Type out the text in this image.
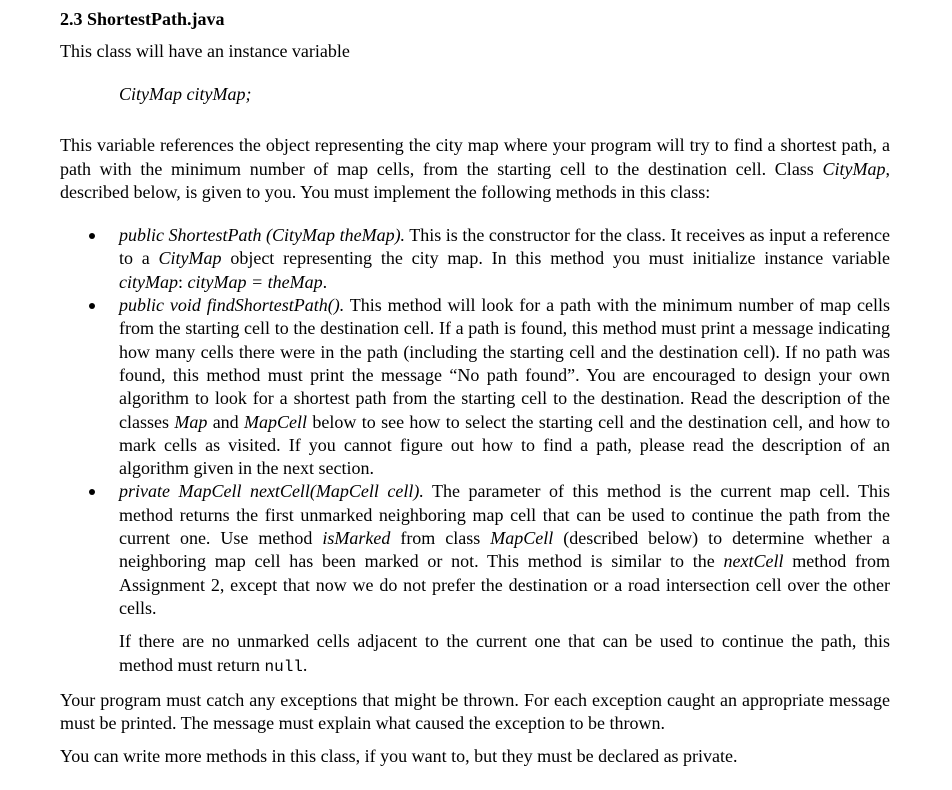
2.3 ShortestPath.java

This class will have an instance variable

CityMap cityMap;

This variable references the object representing the city map where your program will try to find a shortest path, a path with the minimum number of map cells, from the starting cell to the destination cell. Class CityMap, described below, is given to you. You must implement the following methods in this class:

public ShortestPath (CityMap theMap). This is the constructor for the class. It receives as input a reference to a CityMap object representing the city map. In this method you must initialize instance variable cityMap: cityMap = theMap.
public void findShortestPath(). This method will look for a path with the minimum number of map cells from the starting cell to the destination cell. If a path is found, this method must print a message indicating how many cells there were in the path (including the starting cell and the destination cell). If no path was found, this method must print the message “No path found”. You are encouraged to design your own algorithm to look for a shortest path from the starting cell to the destination. Read the description of the classes Map and MapCell below to see how to select the starting cell and the destination cell, and how to mark cells as visited. If you cannot figure out how to find a path, please read the description of an algorithm given in the next section.
private MapCell nextCell(MapCell cell). The parameter of this method is the current map cell. This method returns the first unmarked neighboring map cell that can be used to continue the path from the current one. Use method isMarked from class MapCell (described below) to determine whether a neighboring map cell has been marked or not. This method is similar to the nextCell method from Assignment 2, except that now we do not prefer the destination or a road intersection cell over the other cells.
If there are no unmarked cells adjacent to the current one that can be used to continue the path, this method must return null.

Your program must catch any exceptions that might be thrown. For each exception caught an appropriate message must be printed. The message must explain what caused the exception to be thrown.

You can write more methods in this class, if you want to, but they must be declared as private.
